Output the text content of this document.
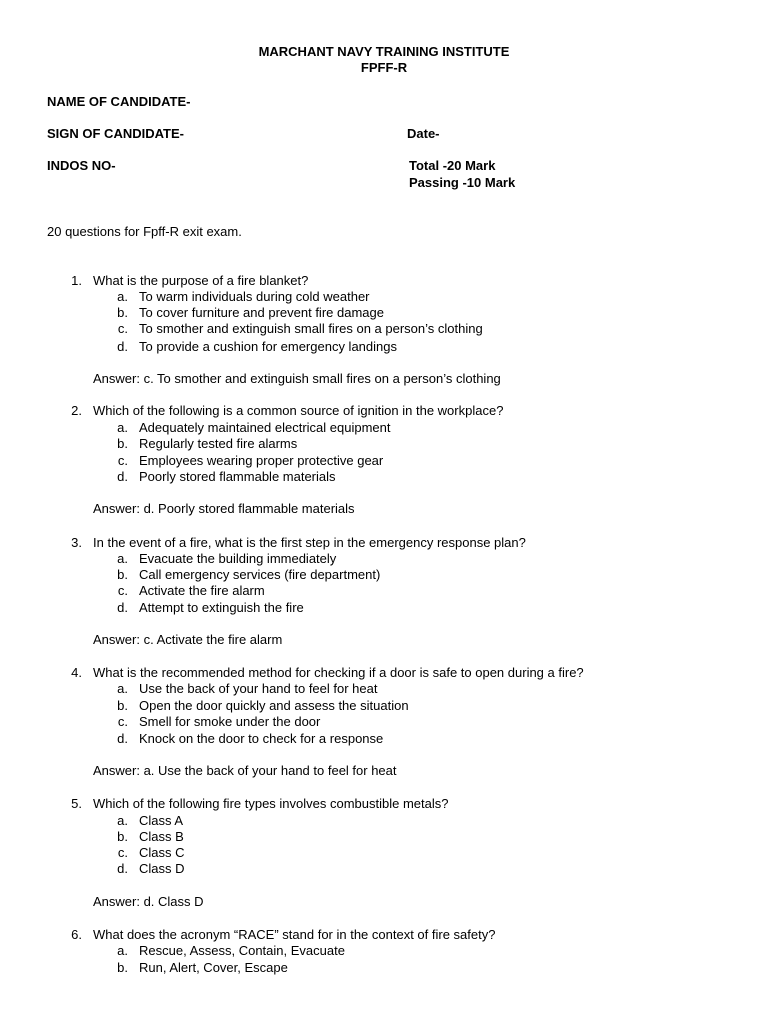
MARCHANT NAVY TRAINING INSTITUTE
FPFF-R
NAME OF CANDIDATE-
SIGN OF CANDIDATE-	Date-
INDOS NO-	Total -20 Mark
Passing -10 Mark
20 questions for Fpff-R exit exam.
1. What is the purpose of a fire blanket?
a. To warm individuals during cold weather
b. To cover furniture and prevent fire damage
c. To smother and extinguish small fires on a person’s clothing
d. To provide a cushion for emergency landings
Answer: c. To smother and extinguish small fires on a person’s clothing
2. Which of the following is a common source of ignition in the workplace?
a. Adequately maintained electrical equipment
b. Regularly tested fire alarms
c. Employees wearing proper protective gear
d. Poorly stored flammable materials
Answer: d. Poorly stored flammable materials
3. In the event of a fire, what is the first step in the emergency response plan?
a. Evacuate the building immediately
b. Call emergency services (fire department)
c. Activate the fire alarm
d. Attempt to extinguish the fire
Answer: c. Activate the fire alarm
4. What is the recommended method for checking if a door is safe to open during a fire?
a. Use the back of your hand to feel for heat
b. Open the door quickly and assess the situation
c. Smell for smoke under the door
d. Knock on the door to check for a response
Answer: a. Use the back of your hand to feel for heat
5. Which of the following fire types involves combustible metals?
a. Class A
b. Class B
c. Class C
d. Class D
Answer: d. Class D
6. What does the acronym “RACE” stand for in the context of fire safety?
a. Rescue, Assess, Contain, Evacuate
b. Run, Alert, Cover, Escape
